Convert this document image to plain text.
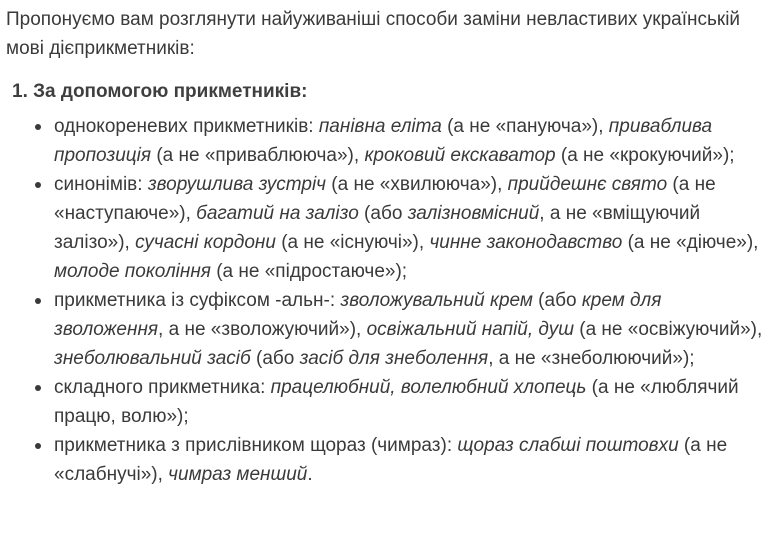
Пропонуємо вам розглянути найуживаніші способи заміни невластивих українській мові дієприкметників:

1. За допомогою прикметників:
однокореневих прикметників: панівна еліта (а не «пануюча»), приваблива пропозиція (а не «приваблююча»), кроковий екскаватор (а не «крокуючий»);
синонімів: зворушлива зустріч (а не «хвилююча»), прийдешнє свято (а не «наступаюче»), багатий на залізо (або залізновмісний, а не «вміщуючий залізо»), сучасні кордони (а не «існуючі»), чинне законодавство (а не «діюче»), молоде покоління (а не «підростаюче»);
прикметника із суфіксом -альн-: зволожувальний крем (або крем для зволоження, а не «зволожуючий»), освіжальний напій, душ (а не «освіжуючий»), знеболювальний засіб (або засіб для знеболення, а не «знеболюючий»);
складного прикметника: працелюбний, волелюбний хлопець (а не «люблячий працю, волю»);
прикметника з прислівником щораз (чимраз): щораз слабші поштовхи (а не «слабнучі»), чимраз менший.
